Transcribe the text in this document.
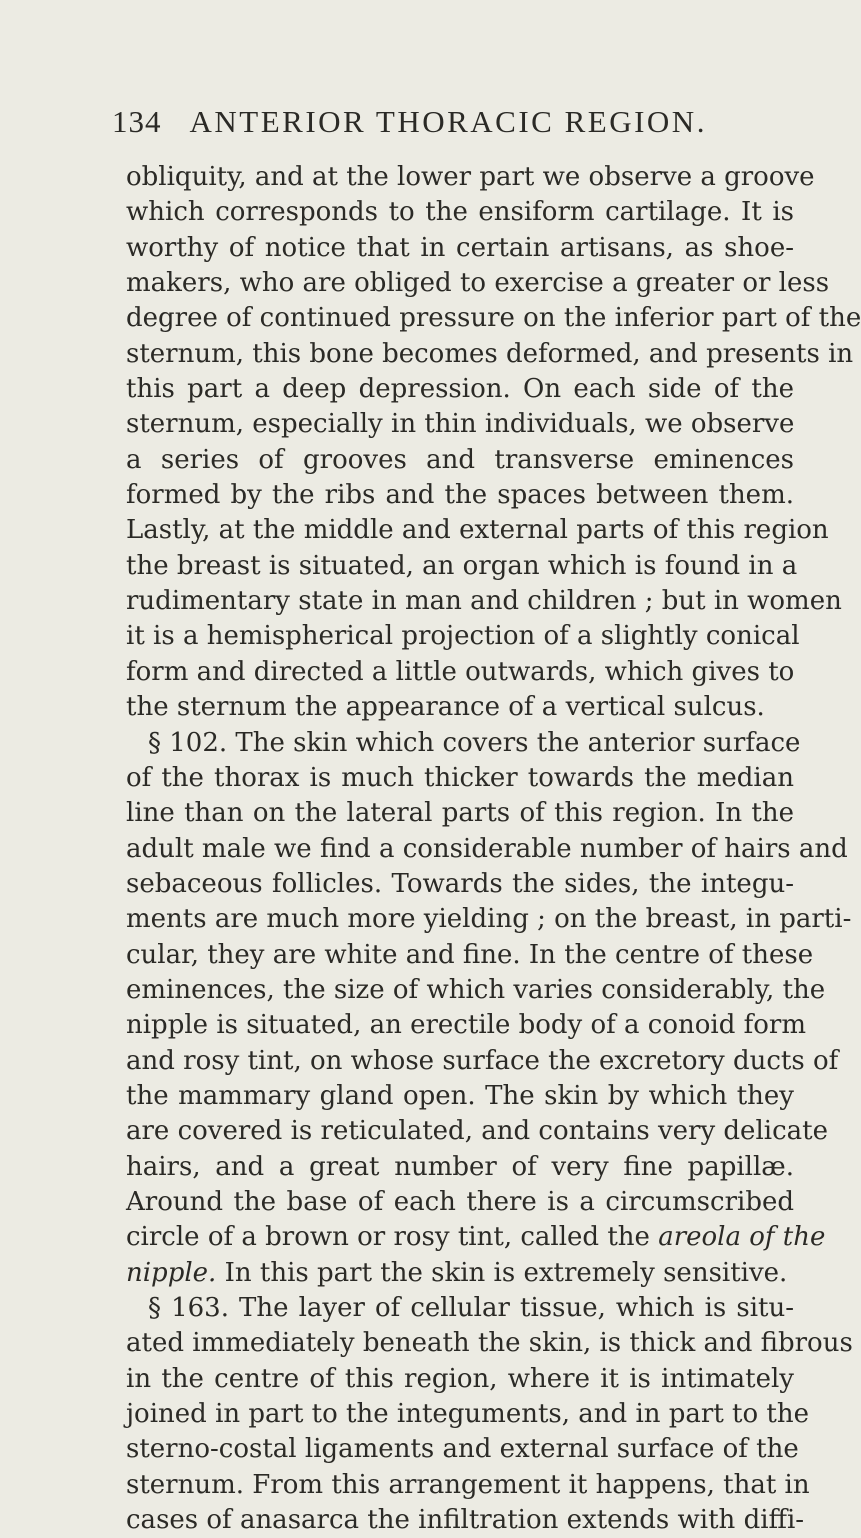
134 ANTERIOR THORACIC REGION.
obliquity, and at the lower part we observe a groove
which corresponds to the ensiform cartilage. It is
worthy of notice that in certain artisans, as shoe-
makers, who are obliged to exercise a greater or less
degree of continued pressure on the inferior part of the
sternum, this bone becomes deformed, and presents in
this part a deep depression. On each side of the
sternum, especially in thin individuals, we observe
a series of grooves and transverse eminences
formed by the ribs and the spaces between them.
Lastly, at the middle and external parts of this region
the breast is situated, an organ which is found in a
rudimentary state in man and children ; but in women
it is a hemispherical projection of a slightly conical
form and directed a little outwards, which gives to
the sternum the appearance of a vertical sulcus.
§ 102. The skin which covers the anterior surface
of the thorax is much thicker towards the median
line than on the lateral parts of this region. In the
adult male we find a considerable number of hairs and
sebaceous follicles. Towards the sides, the integu-
ments are much more yielding ; on the breast, in parti-
cular, they are white and fine. In the centre of these
eminences, the size of which varies considerably, the
nipple is situated, an erectile body of a conoid form
and rosy tint, on whose surface the excretory ducts of
the mammary gland open. The skin by which they
are covered is reticulated, and contains very delicate
hairs, and a great number of very fine papillæ.
Around the base of each there is a circumscribed
circle of a brown or rosy tint, called the areola of the
nipple. In this part the skin is extremely sensitive.
§ 163. The layer of cellular tissue, which is situ-
ated immediately beneath the skin, is thick and fibrous
in the centre of this region, where it is intimately
joined in part to the integuments, and in part to the
sterno-costal ligaments and external surface of the
sternum. From this arrangement it happens, that in
cases of anasarca the infiltration extends with diffi-
